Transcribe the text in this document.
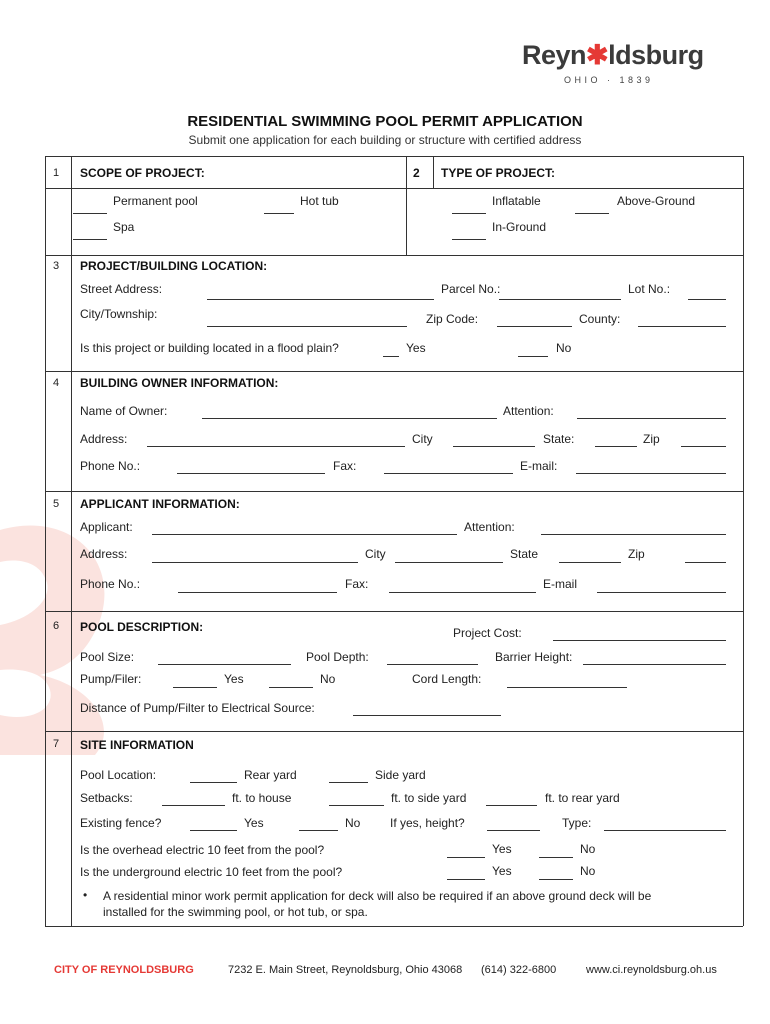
Reyn✱ldsburg
OHIO · 1839
RESIDENTIAL SWIMMING POOL PERMIT APPLICATION
Submit one application for each building or structure with certified address
1 SCOPE OF PROJECT:
Permanent pool	Hot tub
Spa
2 TYPE OF PROJECT:
Inflatable	Above-Ground
In-Ground
3 PROJECT/BUILDING LOCATION:
Street Address:	Parcel No.:	Lot No.:
City/Township:	Zip Code:	County:
Is this project or building located in a flood plain?	Yes	No
4 BUILDING OWNER INFORMATION:
Name of Owner:	Attention:
Address:	City	State:	Zip
Phone No.:	Fax:	E-mail:
5 APPLICANT INFORMATION:
Applicant:	Attention:
Address:	City	State	Zip
Phone No.:	Fax:	E-mail
6 POOL DESCRIPTION:	Project Cost:
Pool Size:	Pool Depth:	Barrier Height:
Pump/Filer:	Yes	No	Cord Length:
Distance of Pump/Filter to Electrical Source:
7 SITE INFORMATION
Pool Location:	Rear yard	Side yard
Setbacks:	ft. to house	ft. to side yard	ft. to rear yard
Existing fence?	Yes	No If yes, height?	Type:
Is the overhead electric 10 feet from the pool?	Yes	No
Is the underground electric 10 feet from the pool?	Yes	No
• A residential minor work permit application for deck will also be required if an above ground deck will be
installed for the swimming pool, or hot tub, or spa.
CITY OF REYNOLDSBURG	7232 E. Main Street, Reynoldsburg, Ohio 43068 (614) 322-6800	www.ci.reynoldsburg.oh.us
